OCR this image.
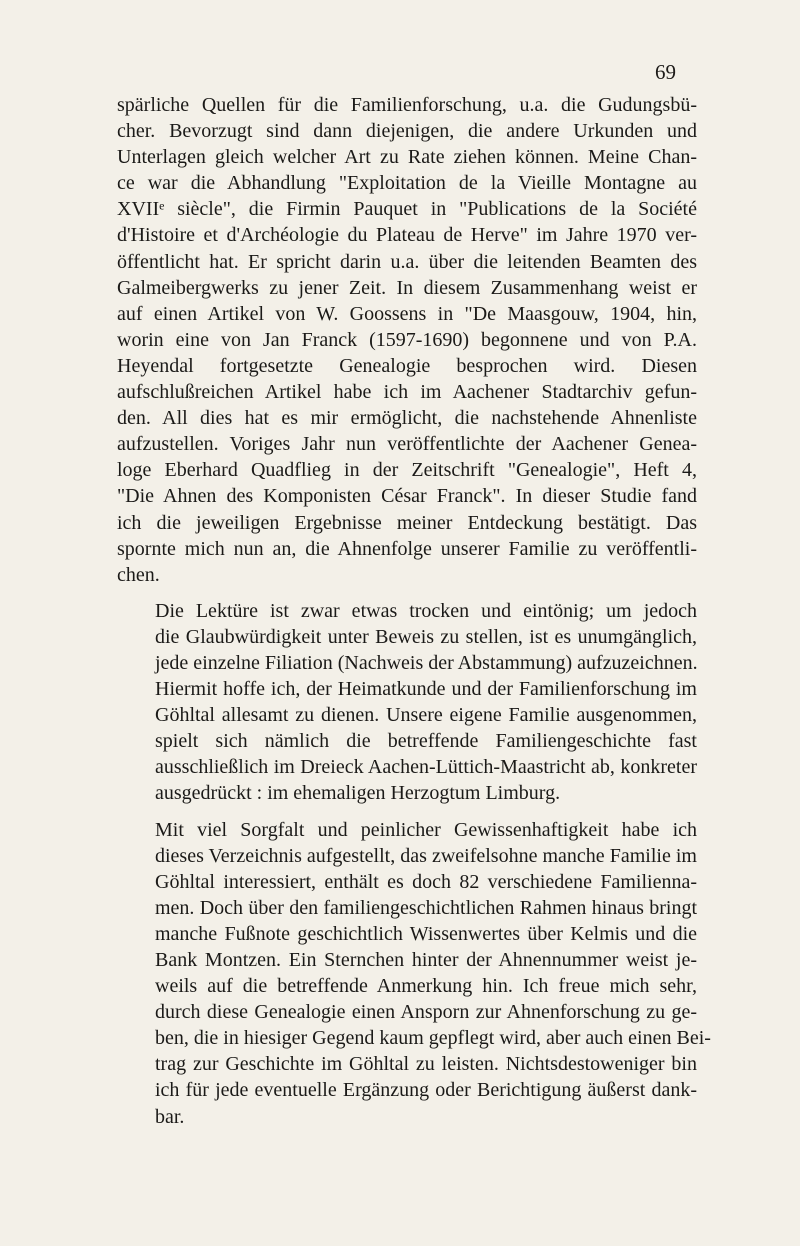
69
spärliche Quellen für die Familienforschung, u.a. die Gudungsbü-
cher. Bevorzugt sind dann diejenigen, die andere Urkunden und
Unterlagen gleich welcher Art zu Rate ziehen können. Meine Chan-
ce war die Abhandlung "Exploitation de la Vieille Montagne au
XVIIᵉ siècle", die Firmin Pauquet in "Publications de la Société
d'Histoire et d'Archéologie du Plateau de Herve" im Jahre 1970 ver-
öffentlicht hat. Er spricht darin u.a. über die leitenden Beamten des
Galmeibergwerks zu jener Zeit. In diesem Zusammenhang weist er
auf einen Artikel von W. Goossens in "De Maasgouw, 1904, hin,
worin eine von Jan Franck (1597-1690) begonnene und von P.A.
Heyendal fortgesetzte Genealogie besprochen wird. Diesen
aufschlußreichen Artikel habe ich im Aachener Stadtarchiv gefun-
den. All dies hat es mir ermöglicht, die nachstehende Ahnenliste
aufzustellen. Voriges Jahr nun veröffentlichte der Aachener Genea-
loge Eberhard Quadflieg in der Zeitschrift "Genealogie", Heft 4,
"Die Ahnen des Komponisten César Franck". In dieser Studie fand
ich die jeweiligen Ergebnisse meiner Entdeckung bestätigt. Das
spornte mich nun an, die Ahnenfolge unserer Familie zu veröffentli-
chen.
Die Lektüre ist zwar etwas trocken und eintönig; um jedoch
die Glaubwürdigkeit unter Beweis zu stellen, ist es unumgänglich,
jede einzelne Filiation (Nachweis der Abstammung) aufzuzeichnen.
Hiermit hoffe ich, der Heimatkunde und der Familienforschung im
Göhltal allesamt zu dienen. Unsere eigene Familie ausgenommen,
spielt sich nämlich die betreffende Familiengeschichte fast
ausschließlich im Dreieck Aachen-Lüttich-Maastricht ab, konkreter
ausgedrückt : im ehemaligen Herzogtum Limburg.
Mit viel Sorgfalt und peinlicher Gewissenhaftigkeit habe ich
dieses Verzeichnis aufgestellt, das zweifelsohne manche Familie im
Göhltal interessiert, enthält es doch 82 verschiedene Familienna-
men. Doch über den familiengeschichtlichen Rahmen hinaus bringt
manche Fußnote geschichtlich Wissenwertes über Kelmis und die
Bank Montzen. Ein Sternchen hinter der Ahnennummer weist je-
weils auf die betreffende Anmerkung hin. Ich freue mich sehr,
durch diese Genealogie einen Ansporn zur Ahnenforschung zu ge-
ben, die in hiesiger Gegend kaum gepflegt wird, aber auch einen Bei-
trag zur Geschichte im Göhltal zu leisten. Nichtsdestoweniger bin
ich für jede eventuelle Ergänzung oder Berichtigung äußerst dank-
bar.
